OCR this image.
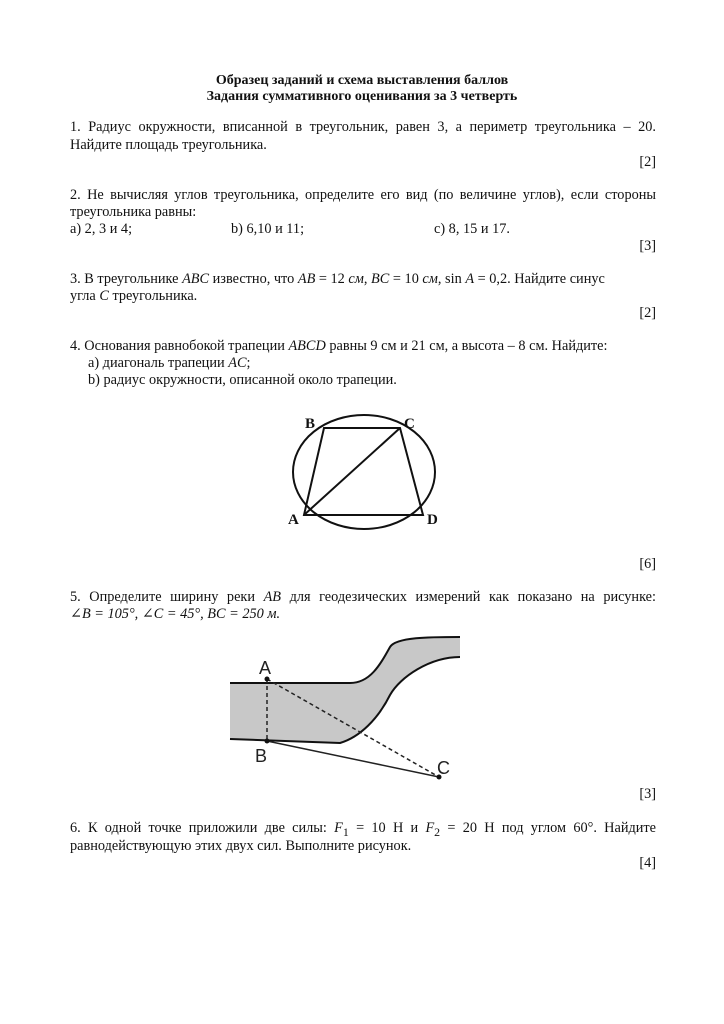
Образец заданий и схема выставления баллов
Задания суммативного оценивания за 3 четверть
1. Радиус окружности, вписанной в треугольник, равен 3, а периметр треугольника – 20.
Найдите площадь треугольника.
[2]
2. Не вычисляя углов треугольника, определите его вид (по величине углов), если стороны
треугольника равны:
a) 2, 3 и 4;	b) 6,10 и 11;	c) 8, 15 и 17.
[3]
3. В треугольнике ABC известно, что AB = 12 см, BC = 10 см, sin A = 0,2. Найдите синус
угла C треугольника.
[2]
4. Основания равнобокой трапеции ABCD равны 9 см и 21 см, а высота – 8 см. Найдите:
a) диагональ трапеции AC;
b) радиус окружности, описанной около трапеции.
B	C
A	D
[6]
5. Определите ширину реки AB для геодезических измерений как показано на рисунке:
∠B = 105°, ∠C = 45°, BC = 250 м.
A
B
C
[3]
6. К одной точке приложили две силы: $F_1 = 10$ Н и $F_2 = 20$ Н под углом 60°. Найдите
равнодействующую этих двух сил. Выполните рисунок.
[4]
